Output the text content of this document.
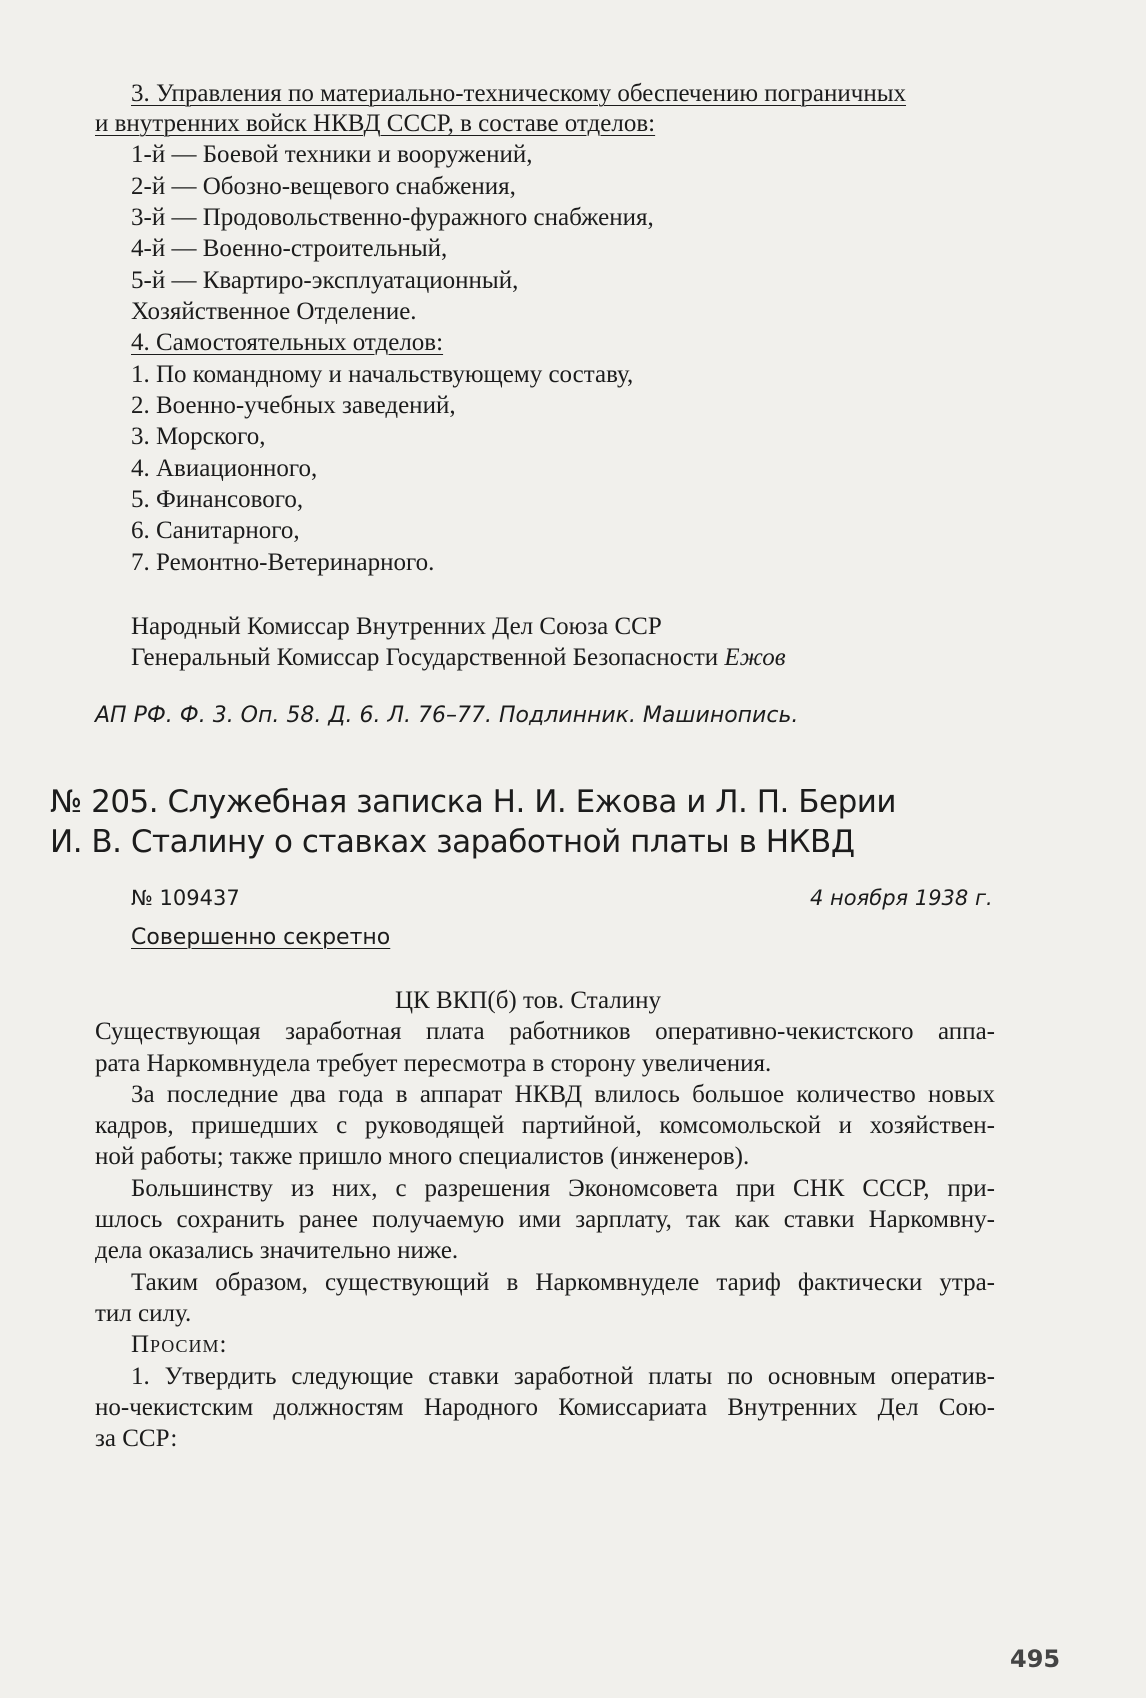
3. Управления по материально-техническому обеспечению пограничных
и внутренних войск НКВД СССР, в составе отделов:
1-й — Боевой техники и вооружений,
2-й — Обозно-вещевого снабжения,
3-й — Продовольственно-фуражного снабжения,
4-й — Военно-строительный,
5-й — Квартиро-эксплуатационный,
Хозяйственное Отделение.
4. Самостоятельных отделов:
1. По командному и начальствующему составу,
2. Военно-учебных заведений,
3. Морского,
4. Авиационного,
5. Финансового,
6. Санитарного,
7. Ремонтно-Ветеринарного.
Народный Комиссар Внутренних Дел Союза ССР
Генеральный Комиссар Государственной Безопасности Ежов
АП РФ. Ф. 3. Оп. 58. Д. 6. Л. 76–77. Подлинник. Машинопись.
№ 205. Служебная записка Н. И. Ежова и Л. П. Берии
И. В. Сталину о ставках заработной платы в НКВД
№ 109437	4 ноября 1938 г.
Совершенно секретно
ЦК ВКП(б) тов. Сталину
Существующая заработная плата работников оперативно-чекистского аппа-
рата Наркомвнудела требует пересмотра в сторону увеличения.
За последние два года в аппарат НКВД влилось большое количество новых
кадров, пришедших с руководящей партийной, комсомольской и хозяйствен-
ной работы; также пришло много специалистов (инженеров).
Большинству из них, с разрешения Экономсовета при СНК СССР, при-
шлось сохранить ранее получаемую ими зарплату, так как ставки Наркомвну-
дела оказались значительно ниже.
Таким образом, существующий в Наркомвнуделе тариф фактически утра-
тил силу.
Просим:
1. Утвердить следующие ставки заработной платы по основным оператив-
но-чекистским должностям Народного Комиссариата Внутренних Дел Сою-
за ССР:
495
